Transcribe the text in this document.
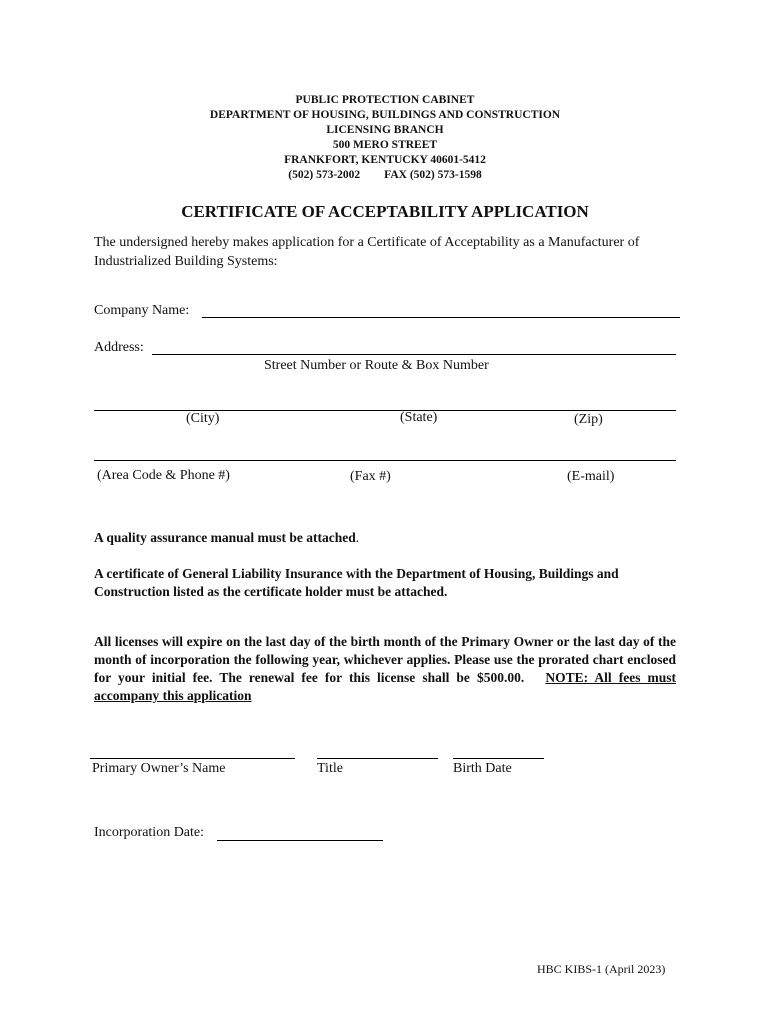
PUBLIC PROTECTION CABINET
DEPARTMENT OF HOUSING, BUILDINGS AND CONSTRUCTION
LICENSING BRANCH
500 MERO STREET
FRANKFORT, KENTUCKY 40601-5412
(502) 573-2002 FAX (502) 573-1598
CERTIFICATE OF ACCEPTABILITY APPLICATION
The undersigned hereby makes application for a Certificate of Acceptability as a Manufacturer of Industrialized Building Systems:
Company Name:
Address:
Street Number or Route & Box Number
(City)	(State)	(Zip)
(Area Code & Phone #)	(Fax #)	(E-mail)
A quality assurance manual must be attached.
A certificate of General Liability Insurance with the Department of Housing, Buildings and Construction listed as the certificate holder must be attached.
All licenses will expire on the last day of the birth month of the Primary Owner or the last day of the month of incorporation the following year, whichever applies. Please use the prorated chart enclosed for your initial fee. The renewal fee for this license shall be $500.00. NOTE: All fees must accompany this application
Primary Owner’s Name	Title	Birth Date
Incorporation Date:
HBC KIBS-1 (April 2023)
